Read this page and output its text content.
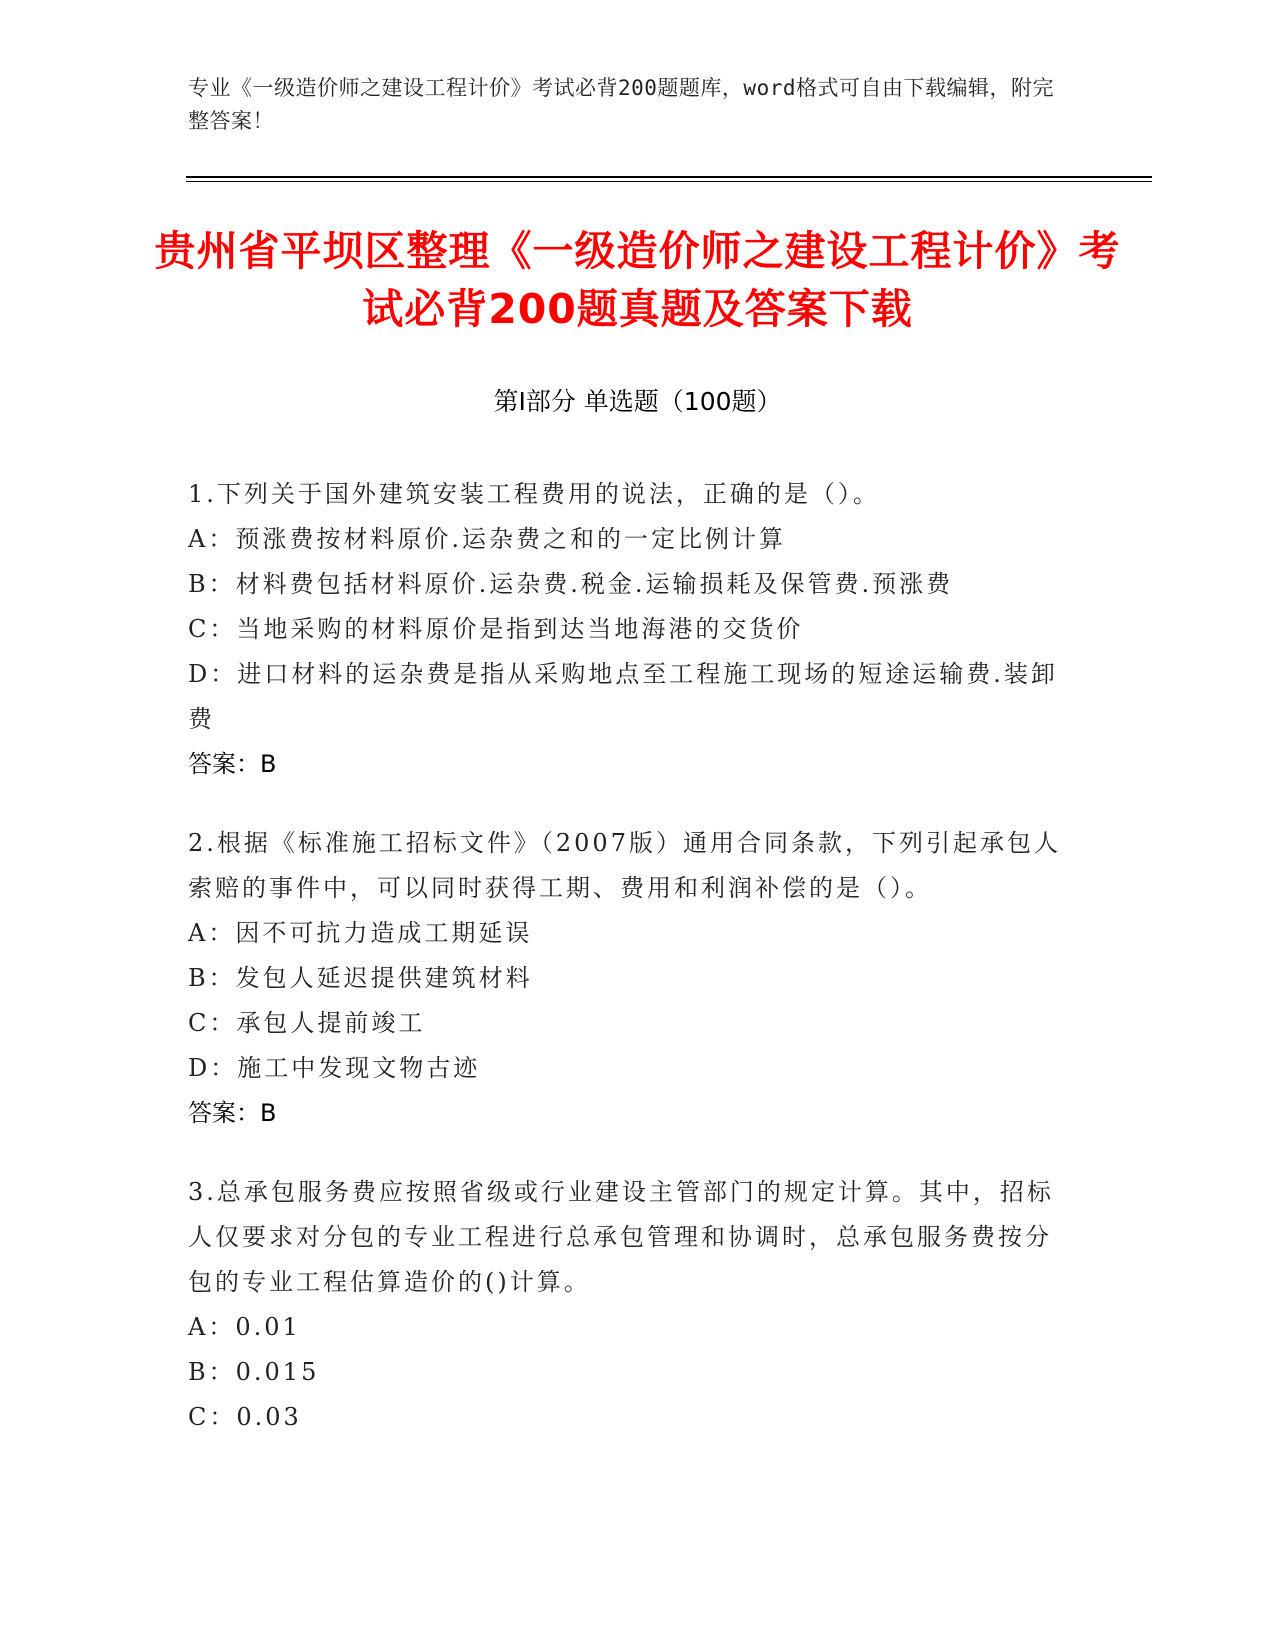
专业《一级造价师之建设工程计价》考试必背200题题库，word格式可自由下载编辑，附完整答案！
贵州省平坝区整理《一级造价师之建设工程计价》考试必背200题真题及答案下载
第Ⅰ部分 单选题（100题）
1.下列关于国外建筑安装工程费用的说法，正确的是（）。
A：预涨费按材料原价.运杂费之和的一定比例计算
B：材料费包括材料原价.运杂费.税金.运输损耗及保管费.预涨费
C：当地采购的材料原价是指到达当地海港的交货价
D：进口材料的运杂费是指从采购地点至工程施工现场的短途运输费.装卸费
答案：B
2.根据《标准施工招标文件》（2007版）通用合同条款，下列引起承包人索赔的事件中，可以同时获得工期、费用和利润补偿的是（）。
A：因不可抗力造成工期延误
B：发包人延迟提供建筑材料
C：承包人提前竣工
D：施工中发现文物古迹
答案：B
3.总承包服务费应按照省级或行业建设主管部门的规定计算。其中，招标人仅要求对分包的专业工程进行总承包管理和协调时，总承包服务费按分包的专业工程估算造价的()计算。
A：0.01
B：0.015
C：0.03
